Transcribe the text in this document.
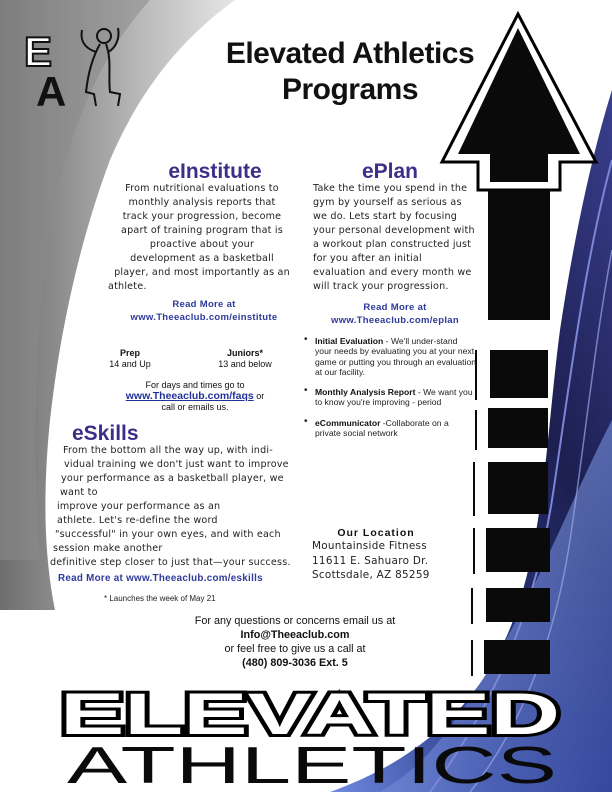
E
A
Elevated Athletics
Programs
eInstitute
From nutritional evaluations to
monthly analysis reports that
track your progression, become
apart of training program that is
proactive about your
development as a basketball
player, and most importantly as an
athlete.
Read More at
www.Theeaclub.com/einstitute
ePlan
Take the time you spend in the
gym by yourself as serious as
we do. Lets start by focusing
your personal development with
a workout plan constructed just
for you after an initial
evaluation and every month we
will track your progression.
Read More at
www.Theeaclub.com/eplan
Prep
14 and Up
Juniors*
13 and below
For days and times go to
www.Theeaclub.com/faqs or
call or emails us.
eSkills
From the bottom all the way up, with indi-
vidual training we don't just want to improve
your performance as a basketball player, we
want to
improve your performance as an
athlete. Let's re-define the word
"successful" in your own eyes, and with each
session make another
definitive step closer to just that—your success.
Read More at www.Theeaclub.com/eskills
* Launches the week of May 21
• Initial Evaluation - We'll under-stand your needs by evaluating you at your next game or putting you through an evaluation at our facility.
• Monthly Analysis Report - We want you to know you're improving - period
• eCommunicator -Collaborate on a private social network
Our Location
Mountainside Fitness
11611 E. Sahuaro Dr.
Scottsdale, AZ 85259
For any questions or concerns email us at
Info@Theeaclub.com
or feel free to give us a call at
(480) 809-3036 Ext. 5
ELEVATED
ATHLETICS
